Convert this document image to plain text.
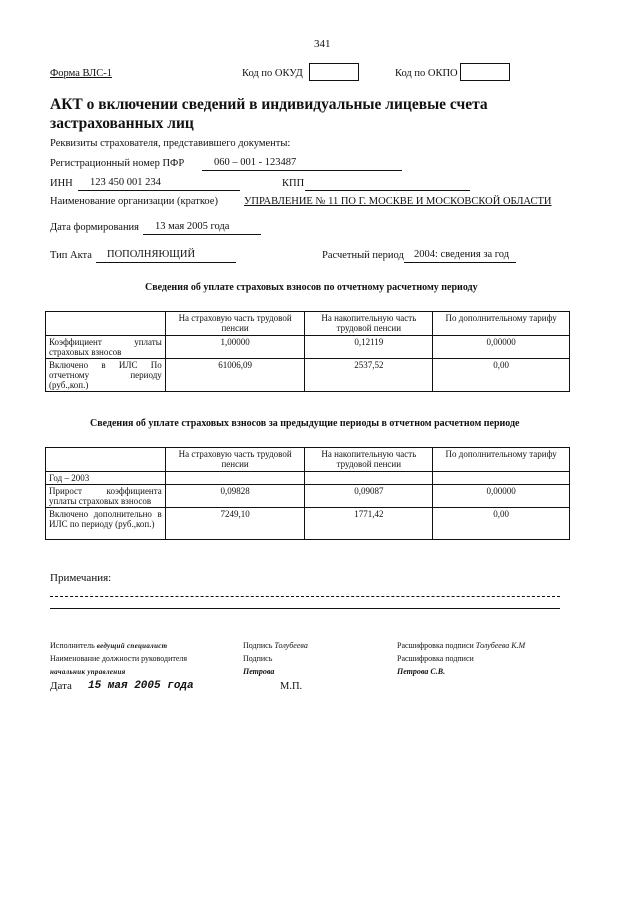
341
Форма ВЛС-1	Код по ОКУД	Код по ОКПО
АКТ о включении сведений в индивидуальные лицевые счета застрахованных лиц
Реквизиты страхователя, представившего документы:
Регистрационный номер ПФР	060 – 001 - 123487
ИНН 123 450 001 234	КПП
Наименование организации (краткое) УПРАВЛЕНИЕ № 11 ПО Г. МОСКВЕ И МОСКОВСКОЙ ОБЛАСТИ
Дата формирования 13 мая 2005 года
Тип Акта ПОПОЛНЯЮЩИЙ	Расчетный период 2004: сведения за год
Сведения об уплате страховых взносов по отчетному расчетному периоду
	На страховую часть трудовой пенсии	На накопительную часть трудовой пенсии	По дополнительному тарифу
Коэффициент уплаты страховых взносов	1,00000	0,12119	0,00000
Включено в ИЛС По отчетному периоду (руб.,коп.)	61006,09	2537,52	0,00
Сведения об уплате страховых взносов за предыдущие периоды в отчетном расчетном периоде
	На страховую часть трудовой пенсии	На накопительную часть трудовой пенсии	По дополнительному тарифу
Год – 2003			
Прирост коэффициента уплаты страховых взносов	0,09828	0,09087	0,00000
Включено дополнительно в ИЛС по периоду (руб.,коп.)	7249,10	1771,42	0,00
Примечания:
Исполнитель ведущий специалист	Подпись Толубеева	Расшифровка подписи Толубеева К.М
Наименование должности руководителя	Подпись	Расшифровка подписи
начальник управления	Петрова	Петрова С.В.
Дата 15 мая 2005 года	М.П.
